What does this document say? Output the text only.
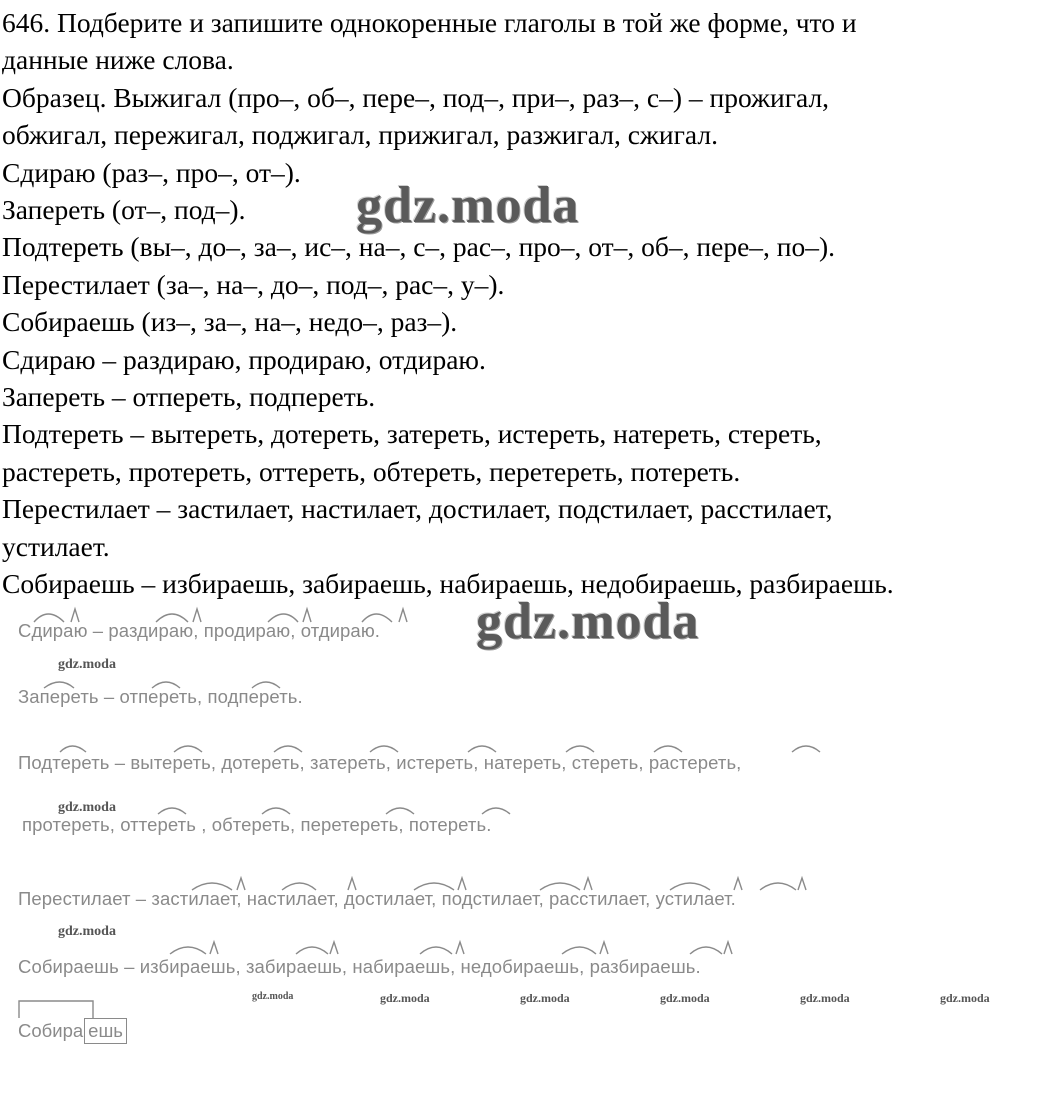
646. Подберите и запишите однокоренные глаголы в той же форме, что и

данные ниже слова.

Образец. Выжигал (про–, об–, пере–, под–, при–, раз–, с–) – прожигал,

обжигал, пережигал, поджигал, прижигал, разжигал, сжигал.

Сдираю (раз–, про–, от–).

Запереть (от–, под–).

Подтереть (вы–, до–, за–, ис–, на–, с–, рас–, про–, от–, об–, пере–, по–).

Перестилает (за–, на–, до–, под–, рас–, у–).

Собираешь (из–, за–, на–, недо–, раз–).

Сдираю – раздираю, продираю, отдираю.

Запереть – отпереть, подпереть.

Подтереть – вытереть, дотереть, затереть, истереть, натереть, стереть,

растереть, протереть, оттереть, обтереть, перетереть, потереть.

Перестилает – застилает, настилает, достилает, подстилает, расстилает,

устилает.

Собираешь – избираешь, забираешь, набираешь, недобираешь, разбираешь.

gdz.moda
Сдираю – раздираю, продираю, отдираю.
gdz.moda
Запереть – отпереть, подпереть.
Подтереть – вытереть, дотереть, затереть, истереть, натереть, стереть, растереть,
gdz.moda
протереть, оттереть , обтереть, перетереть, потереть.
Перестилает – застилает, настилает, достилает, подстилает, расстилает, устилает.
gdz.moda
Собираешь – избираешь, забираешь, набираешь, недобираешь, разбираешь.
gdz.moda	gdz.moda	gdz.moda	gdz.moda	gdz.moda	gdz.moda
Собира ешь
gdz.moda
